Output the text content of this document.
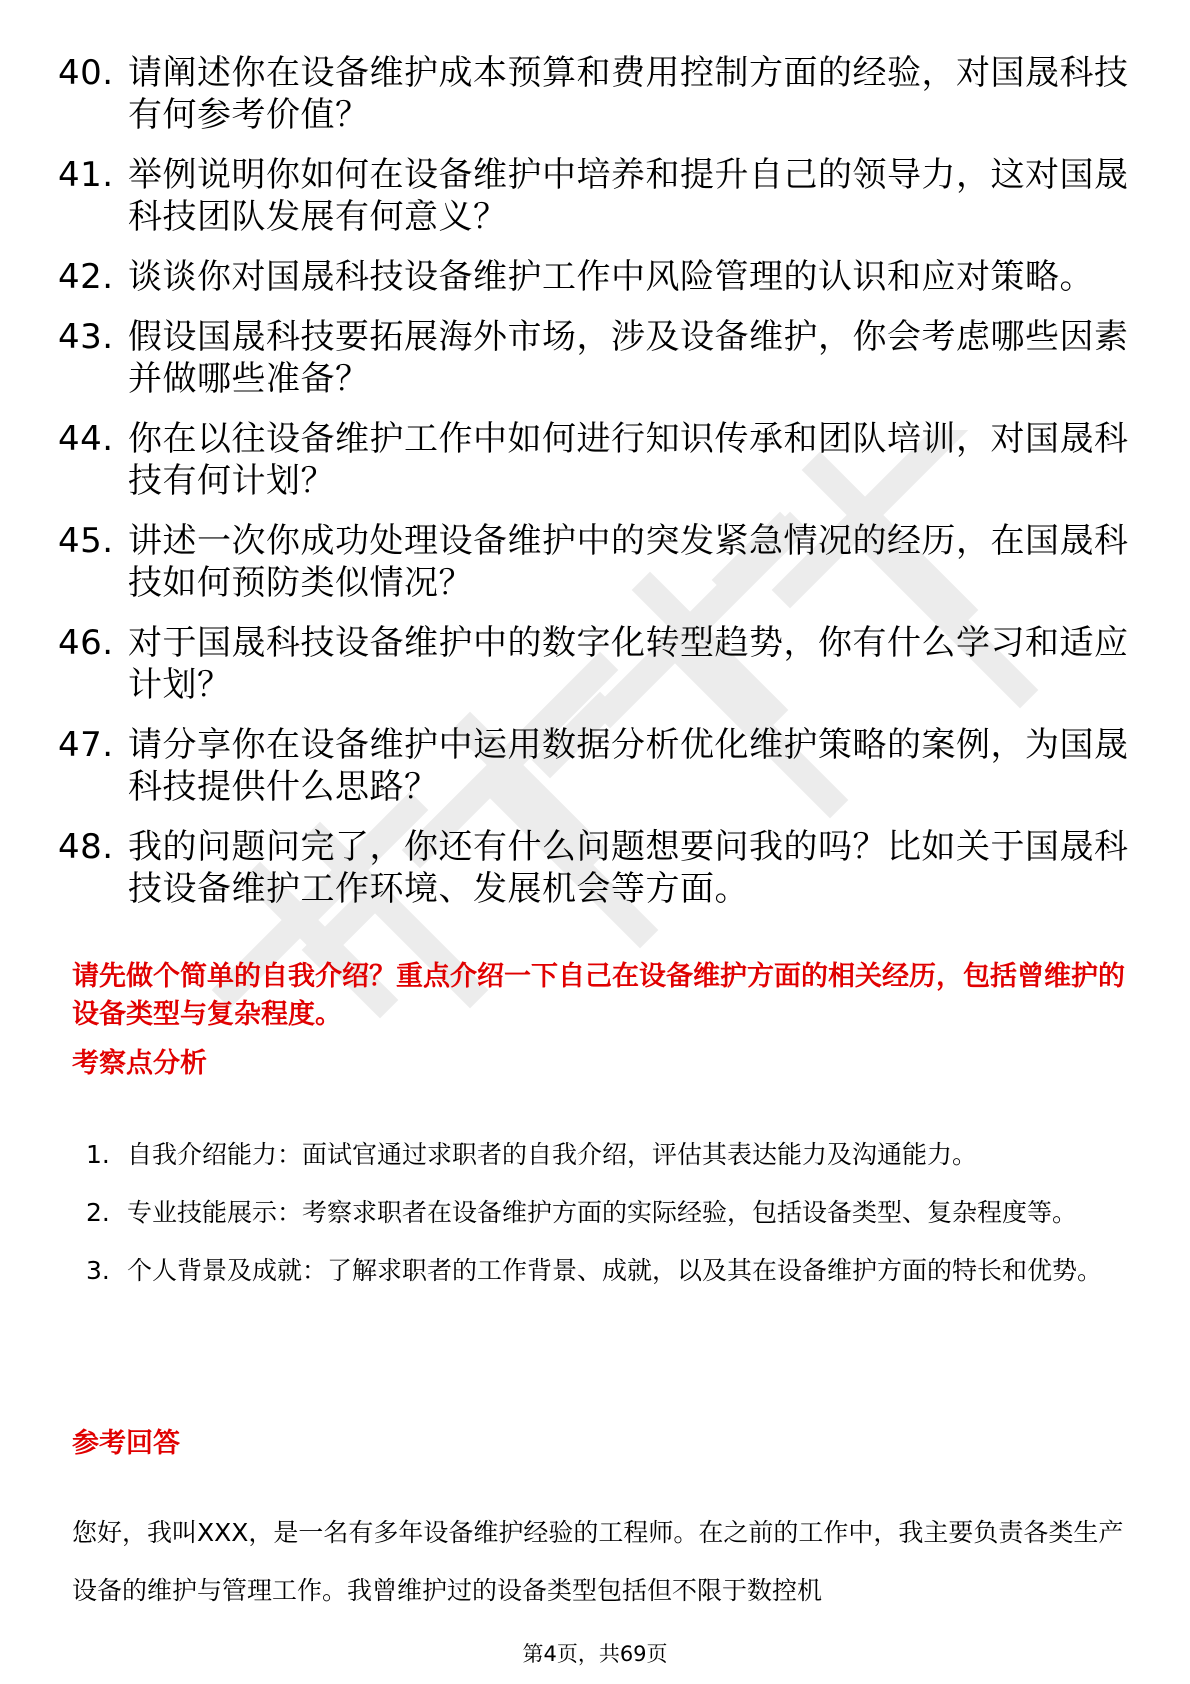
40. 请阐述你在设备维护成本预算和费用控制方面的经验，对国晟科技有何参考价值？
41. 举例说明你如何在设备维护中培养和提升自己的领导力，这对国晟科技团队发展有何意义？
42. 谈谈你对国晟科技设备维护工作中风险管理的认识和应对策略。
43. 假设国晟科技要拓展海外市场，涉及设备维护，你会考虑哪些因素并做哪些准备？
44. 你在以往设备维护工作中如何进行知识传承和团队培训，对国晟科技有何计划？
45. 讲述一次你成功处理设备维护中的突发紧急情况的经历，在国晟科技如何预防类似情况？
46. 对于国晟科技设备维护中的数字化转型趋势，你有什么学习和适应计划？
47. 请分享你在设备维护中运用数据分析优化维护策略的案例，为国晟科技提供什么思路？
48. 我的问题问完了，你还有什么问题想要问我的吗？比如关于国晟科技设备维护工作环境、发展机会等方面。
请先做个简单的自我介绍？重点介绍一下自己在设备维护方面的相关经历，包括曾维护的设备类型与复杂程度。
考察点分析
1. 自我介绍能力：面试官通过求职者的自我介绍，评估其表达能力及沟通能力。
2. 专业技能展示：考察求职者在设备维护方面的实际经验，包括设备类型、复杂程度等。
3. 个人背景及成就：了解求职者的工作背景、成就，以及其在设备维护方面的特长和优势。
参考回答
您好，我叫XXX，是一名有多年设备维护经验的工程师。在之前的工作中，我主要负责各类生产设备的维护与管理工作。我曾维护过的设备类型包括但不限于数控机
第4页，共69页
